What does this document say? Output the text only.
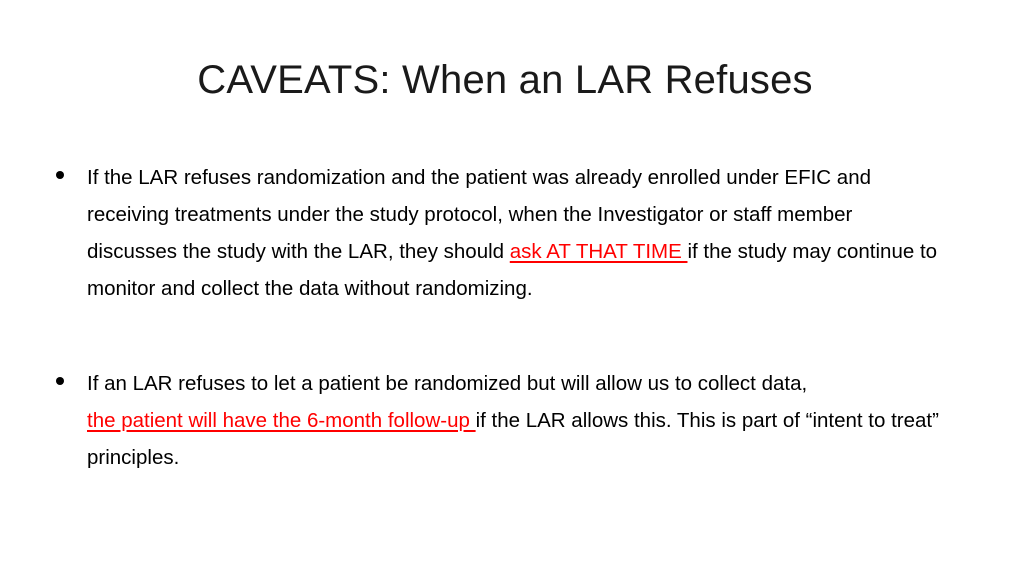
CAVEATS: When an LAR Refuses
If the LAR refuses randomization and the patient was already enrolled under EFIC and receiving treatments under the study protocol, when the Investigator or staff member discusses the study with the LAR, they should ask AT THAT TIME if the study may continue to monitor and collect the data without randomizing.
If an LAR refuses to let a patient be randomized but will allow us to collect data,
the patient will have the 6-month follow-up if the LAR allows this. This is part of “intent to treat” principles.
